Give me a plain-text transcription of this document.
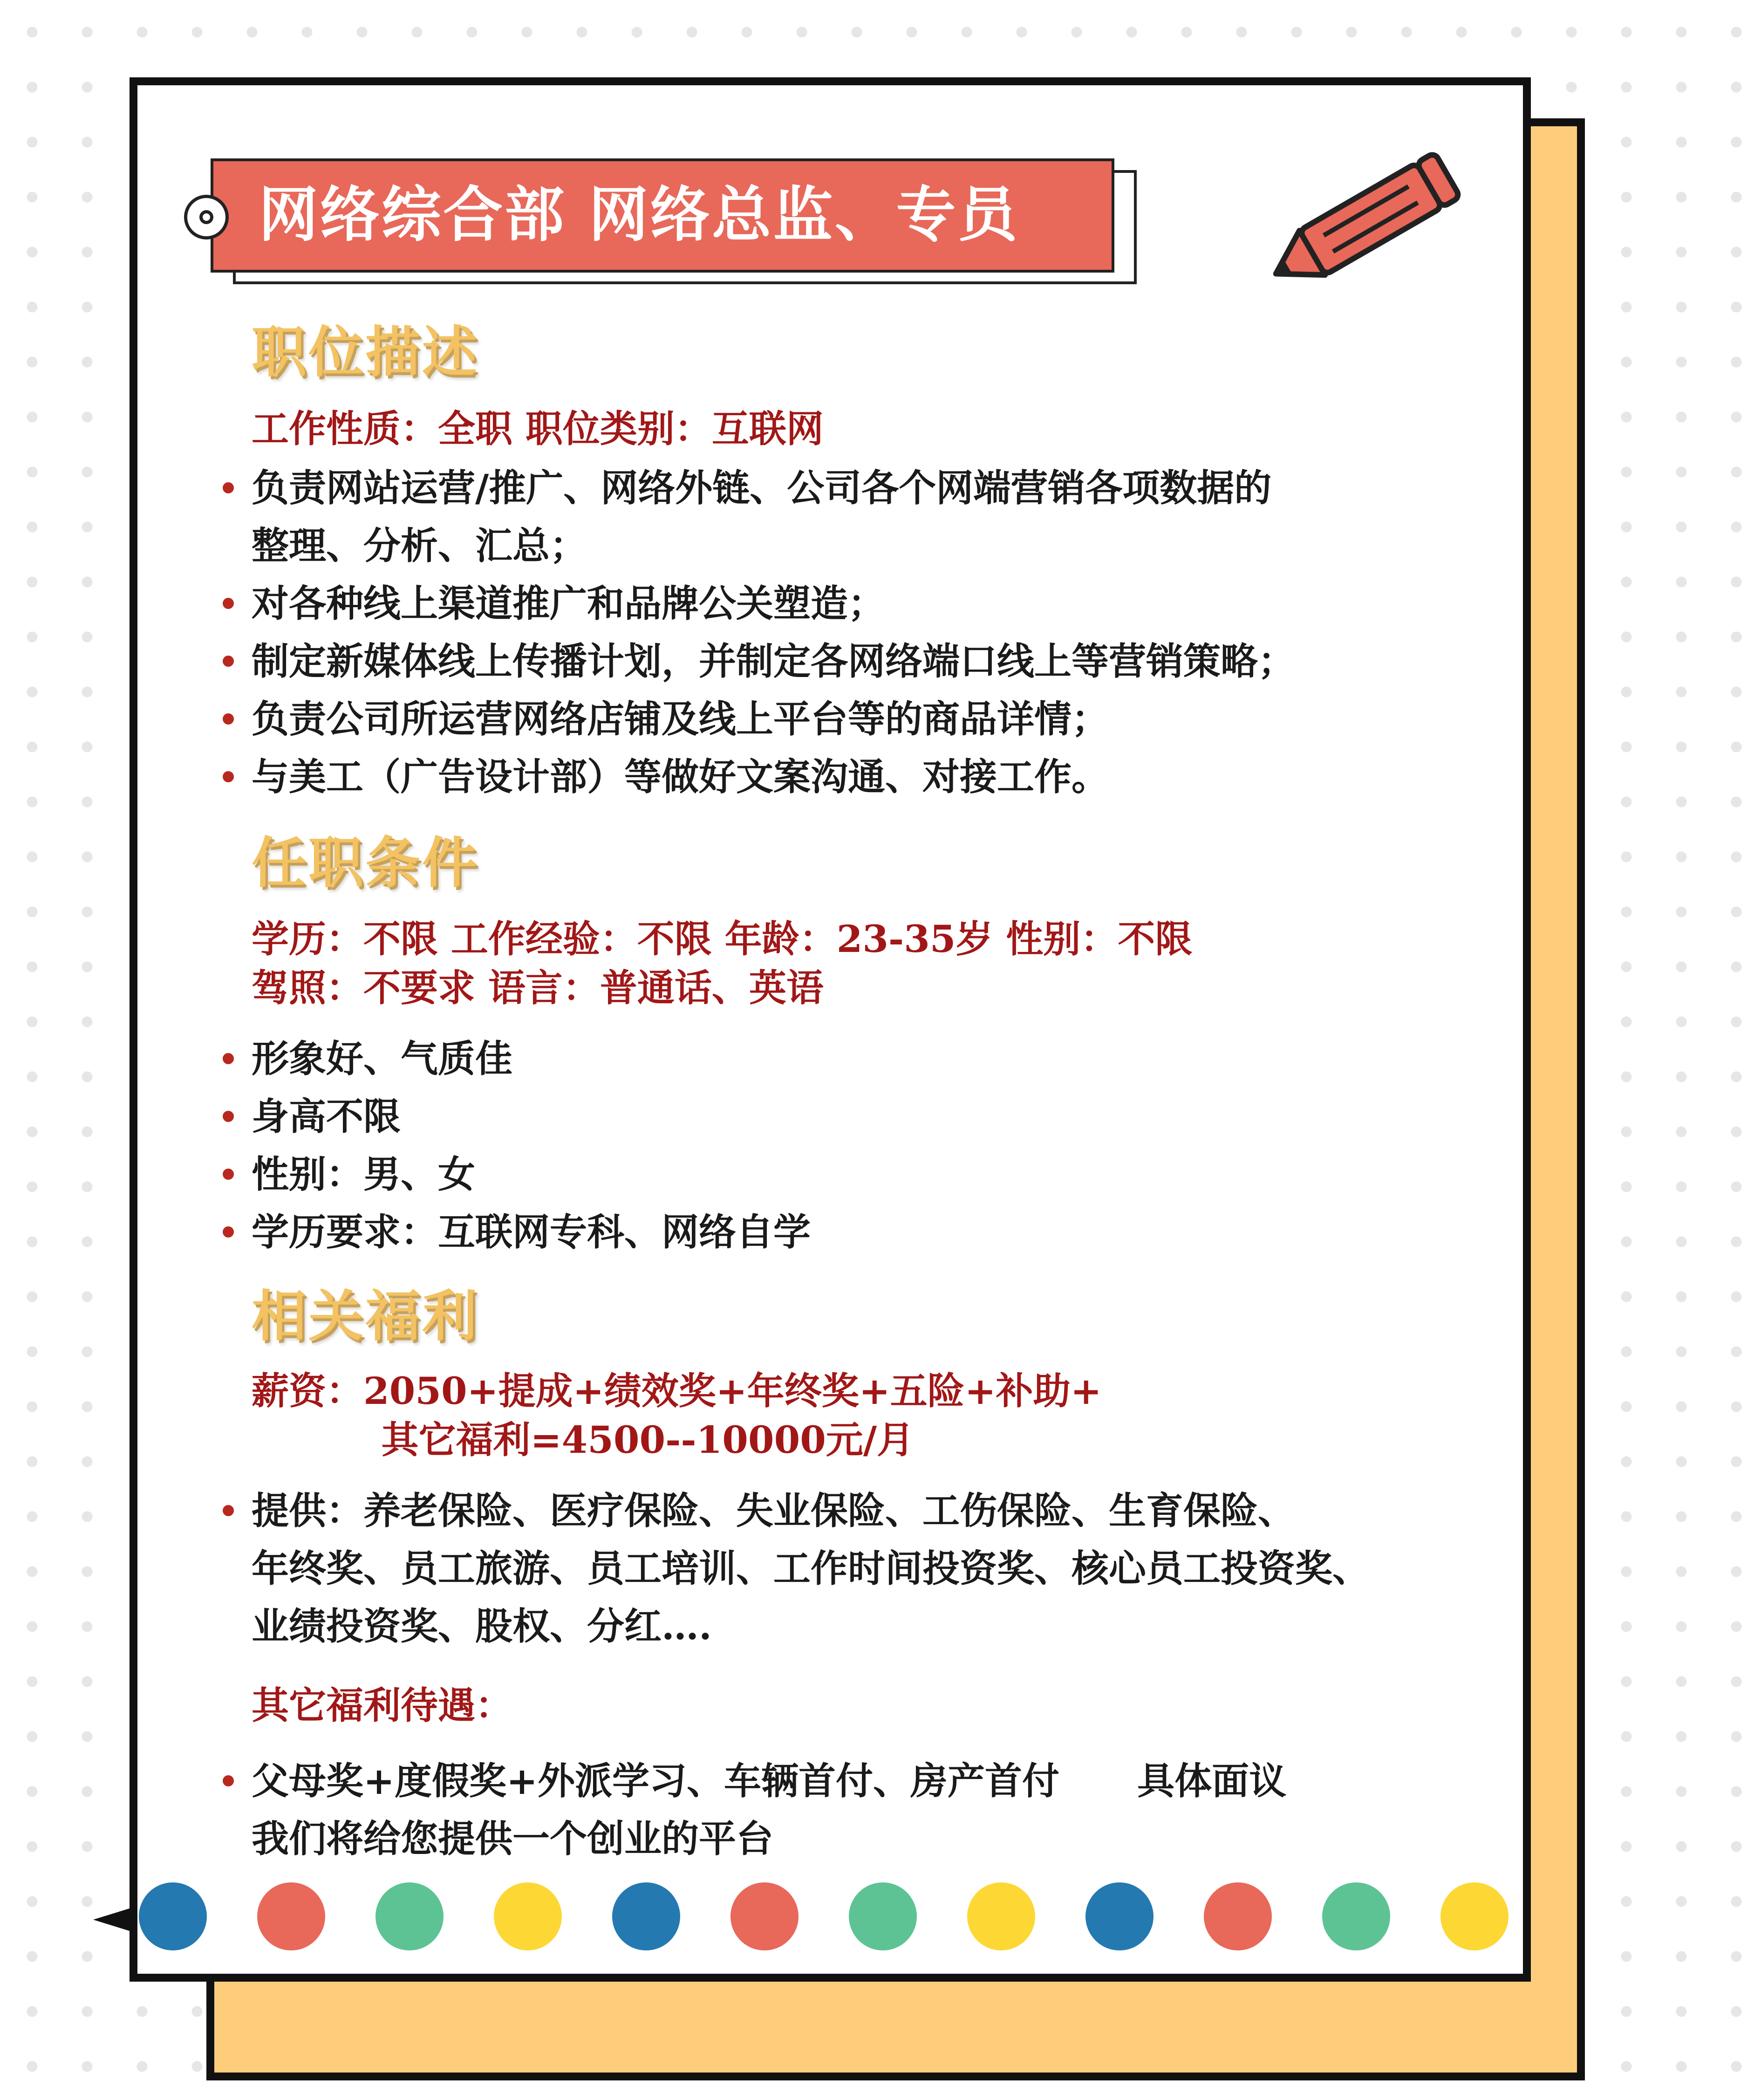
网络综合部 网络总监、专员
职位描述
工作性质：全职 职位类别：互联网
负责网站运营/推广、网络外链、公司各个网端营销各项数据的
整理、分析、汇总；
对各种线上渠道推广和品牌公关塑造；
制定新媒体线上传播计划，并制定各网络端口线上等营销策略；
负责公司所运营网络店铺及线上平台等的商品详情；
与美工（广告设计部）等做好文案沟通、对接工作。
任职条件
学历：不限 工作经验：不限 年龄：23-35岁 性别：不限
驾照：不要求 语言：普通话、英语
形象好、气质佳
身高不限
性别：男、女
学历要求：互联网专科、网络自学
相关福利
薪资：2050+提成+绩效奖+年终奖+五险+补助+
其它福利=4500--10000元/月
提供：养老保险、医疗保险、失业保险、工伤保险、生育保险、
年终奖、员工旅游、员工培训、工作时间投资奖、核心员工投资奖、
业绩投资奖、股权、分红….
其它福利待遇：
父母奖+度假奖+外派学习、车辆首付、房产首付      具体面议
我们将给您提供一个创业的平台
